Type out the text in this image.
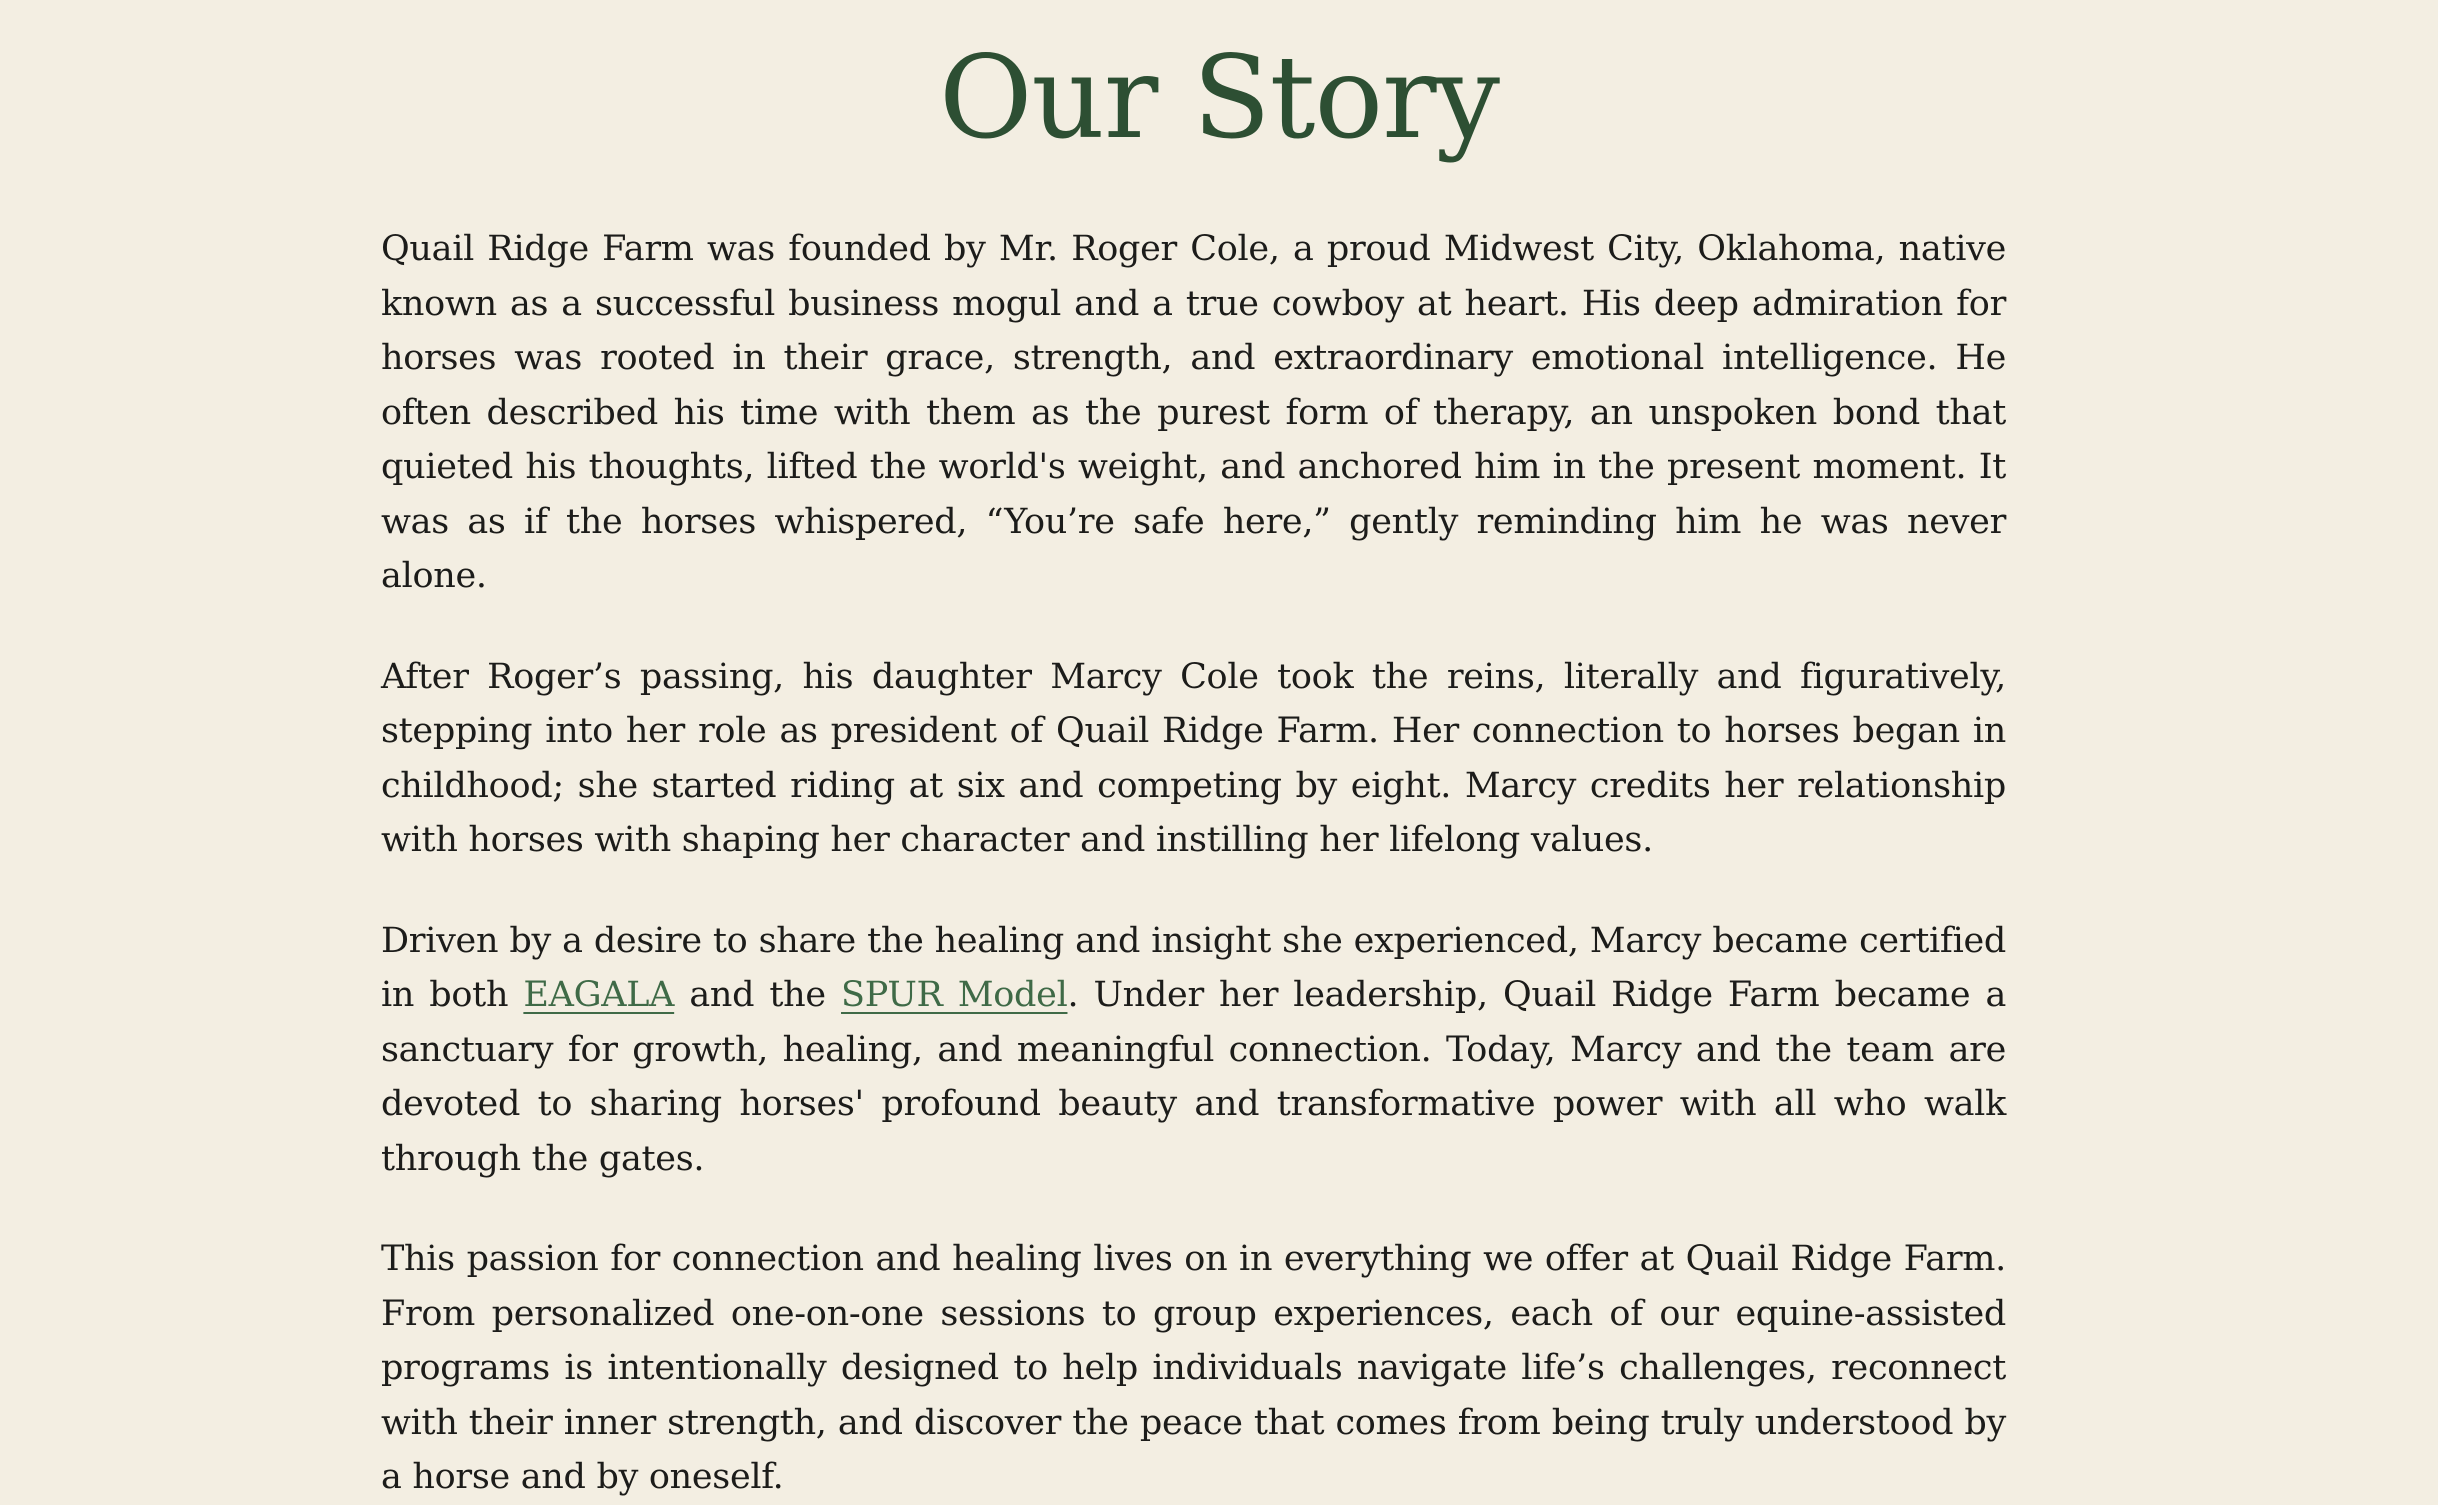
Our Story

Quail Ridge Farm was founded by Mr. Roger Cole, a proud Midwest City, Oklahoma, native known as a successful business mogul and a true cowboy at heart. His deep admiration for horses was rooted in their grace, strength, and extraordinary emotional intelligence. He often described his time with them as the purest form of therapy, an unspoken bond that quieted his thoughts, lifted the world's weight, and anchored him in the present moment. It was as if the horses whispered, “You’re safe here,” gently reminding him he was never alone.

After Roger’s passing, his daughter Marcy Cole took the reins, literally and figuratively, stepping into her role as president of Quail Ridge Farm. Her connection to horses began in childhood; she started riding at six and competing by eight. Marcy credits her relationship with horses with shaping her character and instilling her lifelong values.

Driven by a desire to share the healing and insight she experienced, Marcy became certified in both EAGALA and the SPUR Model. Under her leadership, Quail Ridge Farm became a sanctuary for growth, healing, and meaningful connection. Today, Marcy and the team are devoted to sharing horses' profound beauty and transformative power with all who walk through the gates.

This passion for connection and healing lives on in everything we offer at Quail Ridge Farm. From personalized one-on-one sessions to group experiences, each of our equine-assisted programs is intentionally designed to help individuals navigate life’s challenges, reconnect with their inner strength, and discover the peace that comes from being truly understood by a horse and by oneself.
